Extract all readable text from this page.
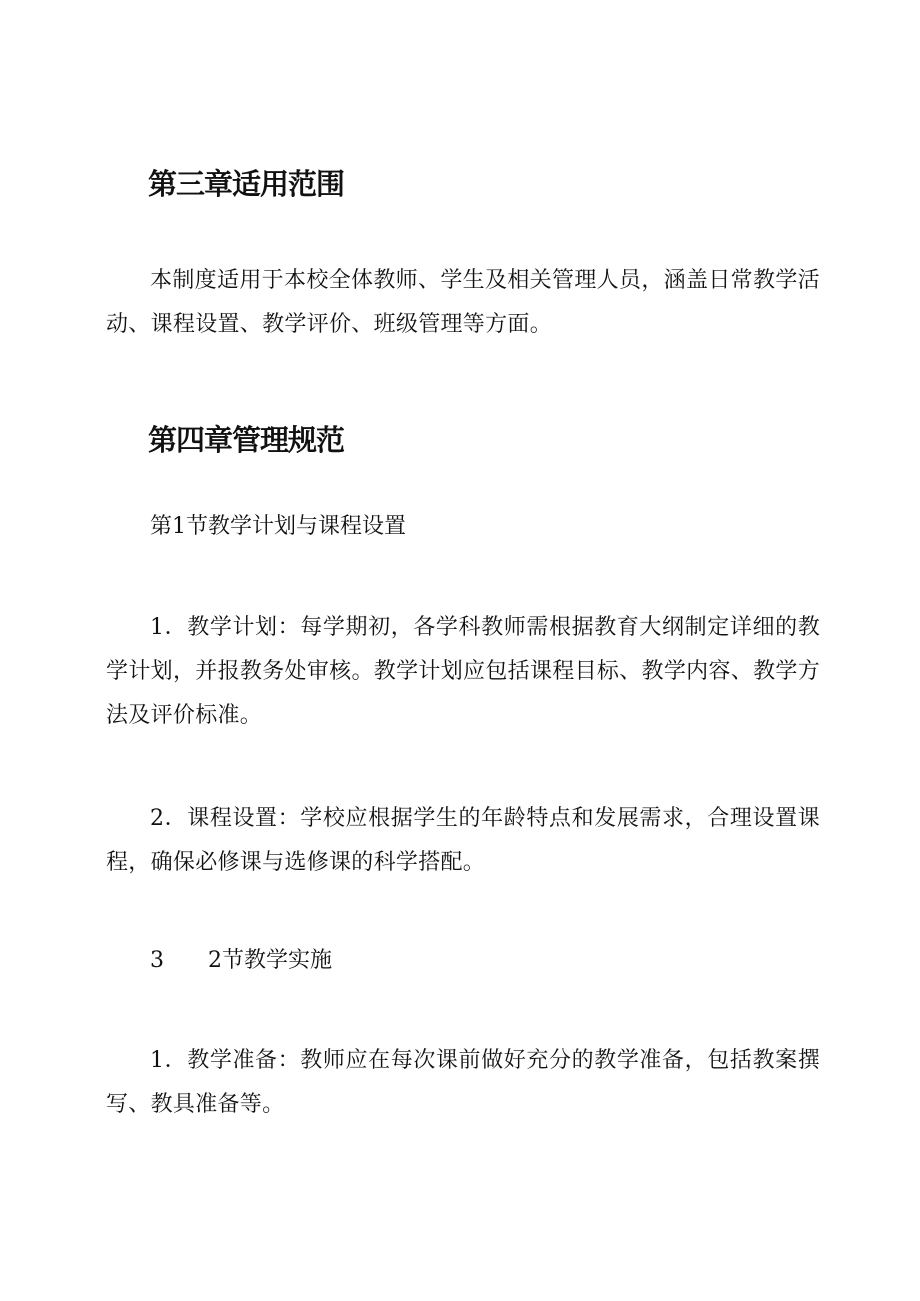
第三章适用范围

本制度适用于本校全体教师、学生及相关管理人员，涵盖日常教学活动、课程设置、教学评价、班级管理等方面。

第四章管理规范

第1节教学计划与课程设置

1．教学计划：每学期初，各学科教师需根据教育大纲制定详细的教学计划，并报教务处审核。教学计划应包括课程目标、教学内容、教学方法及评价标准。

2．课程设置：学校应根据学生的年龄特点和发展需求，合理设置课程，确保必修课与选修课的科学搭配。

3 2节教学实施

1．教学准备：教师应在每次课前做好充分的教学准备，包括教案撰写、教具准备等。
